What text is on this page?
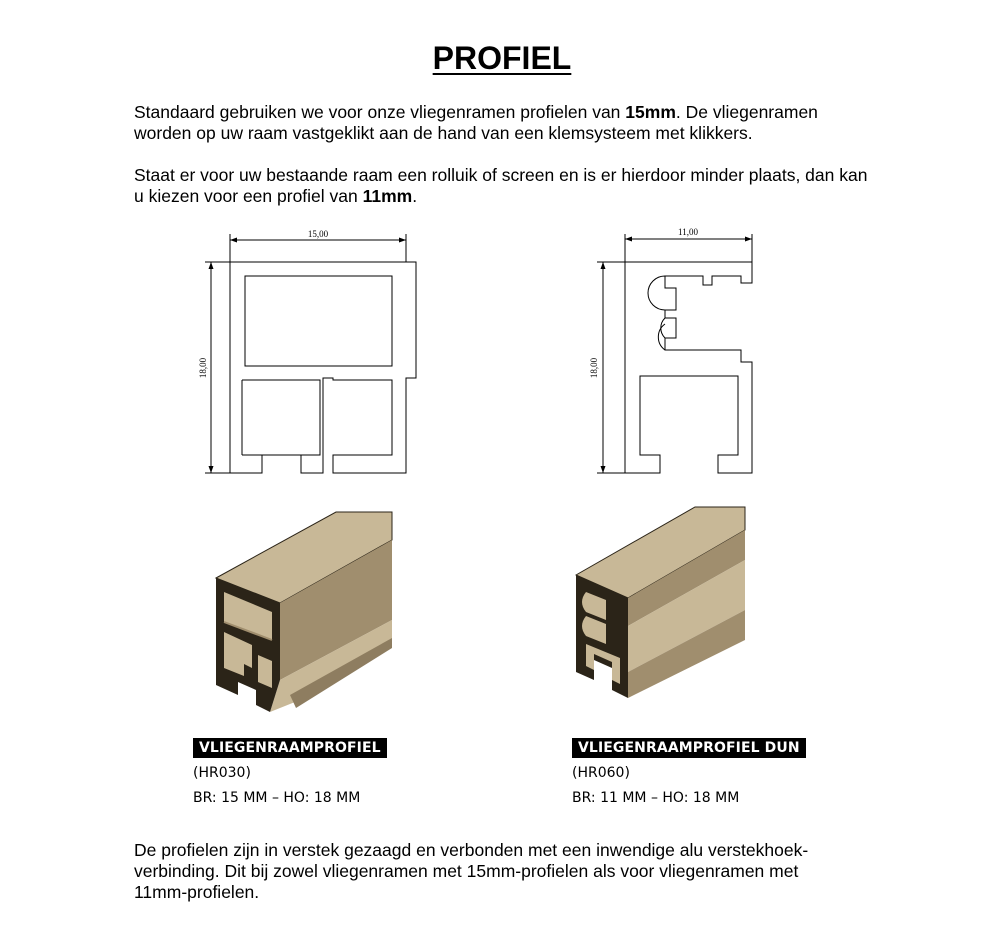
PROFIEL

Standaard gebruiken we voor onze vliegenramen profielen van 15mm. De vliegenramen worden op uw raam vastgeklikt aan de hand van een klemsysteem met klikkers.

Staat er voor uw bestaande raam een rolluik of screen en is er hierdoor minder plaats, dan kan u kiezen voor een profiel van 11mm.

15,00
18,00
11,00
18,00
VLIEGENRAAMPROFIEL
(HR030)
BR: 15 MM – HO: 18 MM
VLIEGENRAAMPROFIEL DUN
(HR060)
BR: 11 MM – HO: 18 MM

De profielen zijn in verstek gezaagd en verbonden met een inwendige alu verstekhoek-verbinding. Dit bij zowel vliegenramen met 15mm-profielen als voor vliegenramen met 11mm-profielen.
